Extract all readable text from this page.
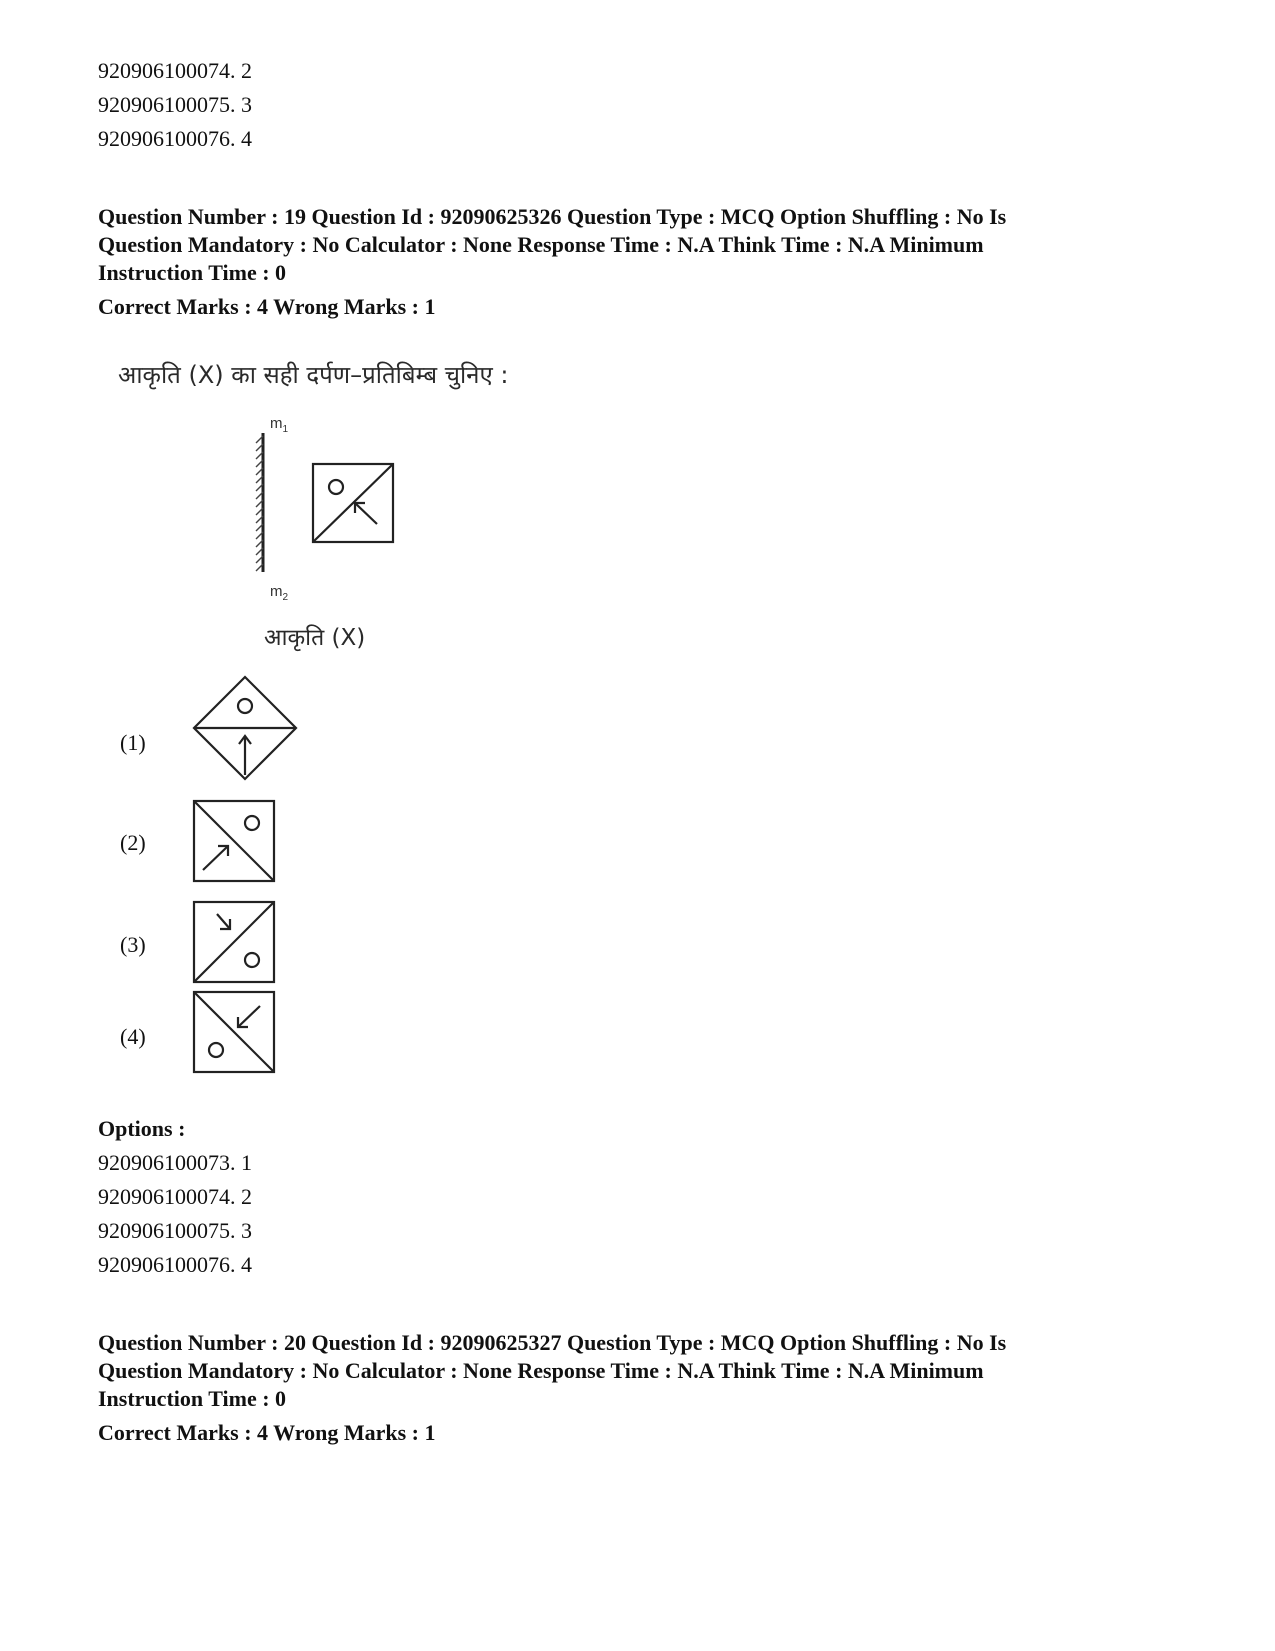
920906100074. 2
920906100075. 3
920906100076. 4
Question Number : 19 Question Id : 92090625326 Question Type : MCQ Option Shuffling : No Is
Question Mandatory : No Calculator : None Response Time : N.A Think Time : N.A Minimum
Instruction Time : 0
Correct Marks : 4 Wrong Marks : 1
आकृति (X) का सही दर्पण–प्रतिबिम्ब चुनिए :
$m_1$
$m_2$
आकृति (X)
(1)
(2)
(3)
(4)
Options :
920906100073. 1
920906100074. 2
920906100075. 3
920906100076. 4
Question Number : 20 Question Id : 92090625327 Question Type : MCQ Option Shuffling : No Is
Question Mandatory : No Calculator : None Response Time : N.A Think Time : N.A Minimum
Instruction Time : 0
Correct Marks : 4 Wrong Marks : 1
